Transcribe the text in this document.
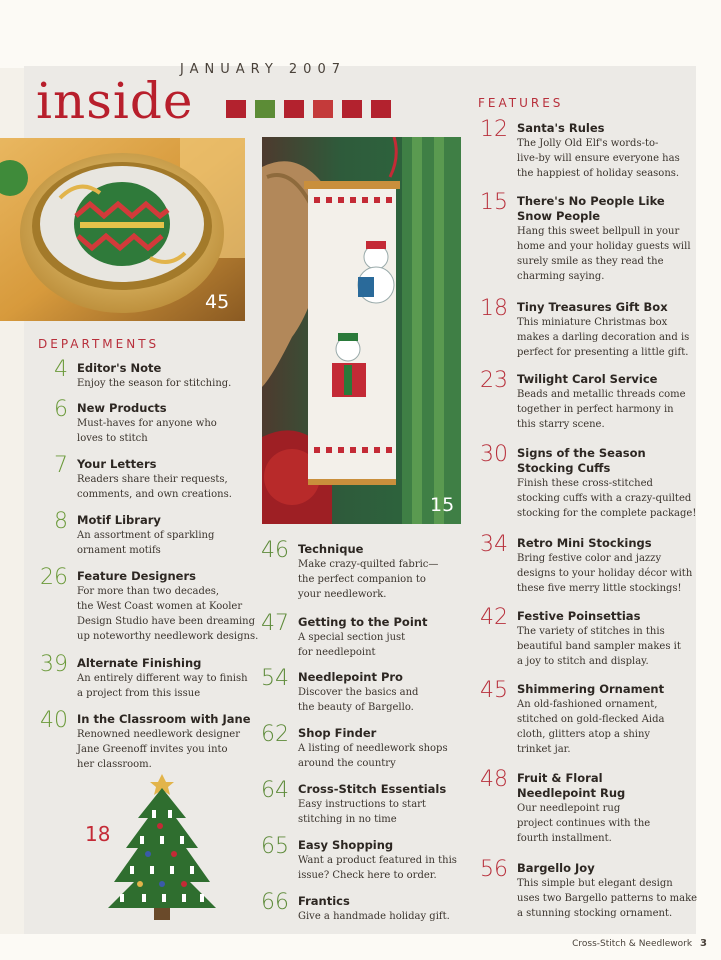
JANUARY 2007
inside
45
15
18
DEPARTMENTS
4 Editor's Note
Enjoy the season for stitching.
6 New Products
Must-haves for anyone who
loves to stitch
7 Your Letters
Readers share their requests,
comments, and own creations.
8 Motif Library
An assortment of sparkling
ornament motifs
26 Feature Designers
For more than two decades,
the West Coast women at Kooler
Design Studio have been dreaming
up noteworthy needlework designs.
39 Alternate Finishing
An entirely different way to finish
a project from this issue
40 In the Classroom with Jane
Renowned needlework designer
Jane Greenoff invites you into
her classroom.
46 Technique
Make crazy-quilted fabric—
the perfect companion to
your needlework.
47 Getting to the Point
A special section just
for needlepoint
54 Needlepoint Pro
Discover the basics and
the beauty of Bargello.
62 Shop Finder
A listing of needlework shops
around the country
64 Cross-Stitch Essentials
Easy instructions to start
stitching in no time
65 Easy Shopping
Want a product featured in this
issue? Check here to order.
66 Frantics
Give a handmade holiday gift.
FEATURES
12 Santa's Rules
The Jolly Old Elf's words-to-
live-by will ensure everyone has
the happiest of holiday seasons.
15 There's No People Like
Snow People
Hang this sweet bellpull in your
home and your holiday guests will
surely smile as they read the
charming saying.
18 Tiny Treasures Gift Box
This miniature Christmas box
makes a darling decoration and is
perfect for presenting a little gift.
23 Twilight Carol Service
Beads and metallic threads come
together in perfect harmony in
this starry scene.
30 Signs of the Season
Stocking Cuffs
Finish these cross-stitched
stocking cuffs with a crazy-quilted
stocking for the complete package!
34 Retro Mini Stockings
Bring festive color and jazzy
designs to your holiday décor with
these five merry little stockings!
42 Festive Poinsettias
The variety of stitches in this
beautiful band sampler makes it
a joy to stitch and display.
45 Shimmering Ornament
An old-fashioned ornament,
stitched on gold-flecked Aida
cloth, glitters atop a shiny
trinket jar.
48 Fruit & Floral
Needlepoint Rug
Our needlepoint rug
project continues with the
fourth installment.
56 Bargello Joy
This simple but elegant design
uses two Bargello patterns to make
a stunning stocking ornament.
Cross-Stitch & Needlework 3
